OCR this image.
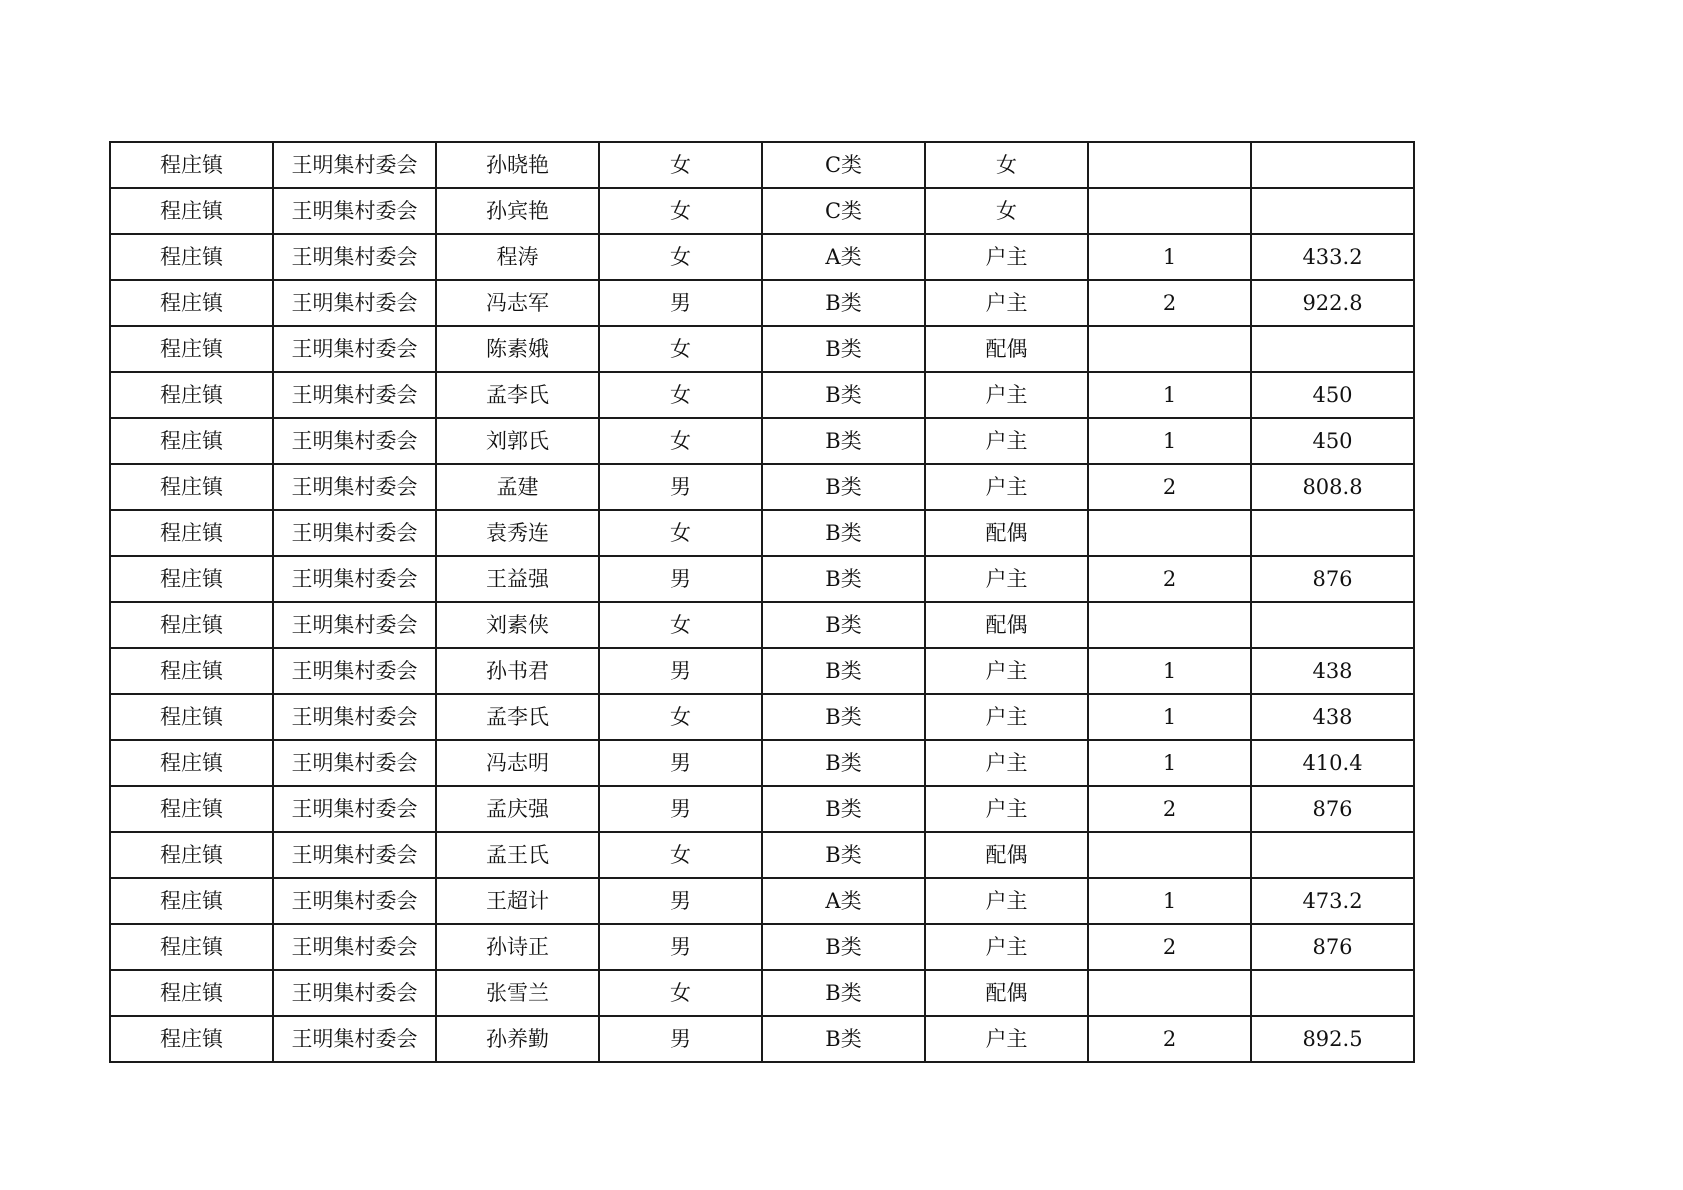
程庄镇	王明集村委会	孙晓艳	女	C类	女		
程庄镇	王明集村委会	孙宾艳	女	C类	女		
程庄镇	王明集村委会	程涛	女	A类	户主	1	433.2
程庄镇	王明集村委会	冯志军	男	B类	户主	2	922.8
程庄镇	王明集村委会	陈素娥	女	B类	配偶		
程庄镇	王明集村委会	孟李氏	女	B类	户主	1	450
程庄镇	王明集村委会	刘郭氏	女	B类	户主	1	450
程庄镇	王明集村委会	孟建	男	B类	户主	2	808.8
程庄镇	王明集村委会	袁秀连	女	B类	配偶		
程庄镇	王明集村委会	王益强	男	B类	户主	2	876
程庄镇	王明集村委会	刘素侠	女	B类	配偶		
程庄镇	王明集村委会	孙书君	男	B类	户主	1	438
程庄镇	王明集村委会	孟李氏	女	B类	户主	1	438
程庄镇	王明集村委会	冯志明	男	B类	户主	1	410.4
程庄镇	王明集村委会	孟庆强	男	B类	户主	2	876
程庄镇	王明集村委会	孟王氏	女	B类	配偶		
程庄镇	王明集村委会	王超计	男	A类	户主	1	473.2
程庄镇	王明集村委会	孙诗正	男	B类	户主	2	876
程庄镇	王明集村委会	张雪兰	女	B类	配偶		
程庄镇	王明集村委会	孙养勤	男	B类	户主	2	892.5
